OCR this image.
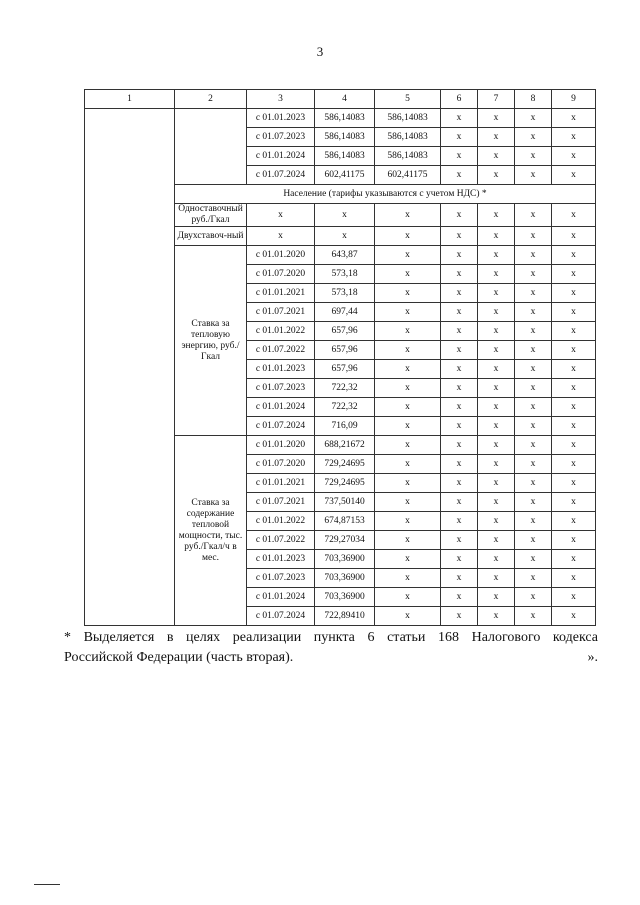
3
1	2	3	4	5	6	7	8	9
		с 01.01.2023	586,14083	586,14083	х	х	х	х
		с 01.07.2023	586,14083	586,14083	х	х	х	х
		с 01.01.2024	586,14083	586,14083	х	х	х	х
		с 01.07.2024	602,41175	602,41175	х	х	х	х
	Население (тарифы указываются с учетом НДС) *							
	Одноставочный руб./Гкал	х	х	х	х	х	х	х
	Двухставоч-ный	х	х	х	х	х	х	х
	Ставка за тепловую энергию, руб./Гкал	с 01.01.2020	643,87	х	х	х	х	х
		с 01.07.2020	573,18	х	х	х	х	х
		с 01.01.2021	573,18	х	х	х	х	х
		с 01.07.2021	697,44	х	х	х	х	х
		с 01.01.2022	657,96	х	х	х	х	х
		с 01.07.2022	657,96	х	х	х	х	х
		с 01.01.2023	657,96	х	х	х	х	х
		с 01.07.2023	722,32	х	х	х	х	х
		с 01.01.2024	722,32	х	х	х	х	х
		с 01.07.2024	716,09	х	х	х	х	х
	Ставка за содержание тепловой мощности, тыс. руб./Гкал/ч в мес.	с 01.01.2020	688,21672	х	х	х	х	х
		с 01.07.2020	729,24695	х	х	х	х	х
		с 01.01.2021	729,24695	х	х	х	х	х
		с 01.07.2021	737,50140	х	х	х	х	х
		с 01.01.2022	674,87153	х	х	х	х	х
		с 01.07.2022	729,27034	х	х	х	х	х
		с 01.01.2023	703,36900	х	х	х	х	х
		с 01.07.2023	703,36900	х	х	х	х	х
		с 01.01.2024	703,36900	х	х	х	х	х
		с 01.07.2024	722,89410	х	х	х	х	х
* Выделяется в целях реализации пункта 6 статьи 168 Налогового кодекса
Российской Федерации (часть вторая).	».
